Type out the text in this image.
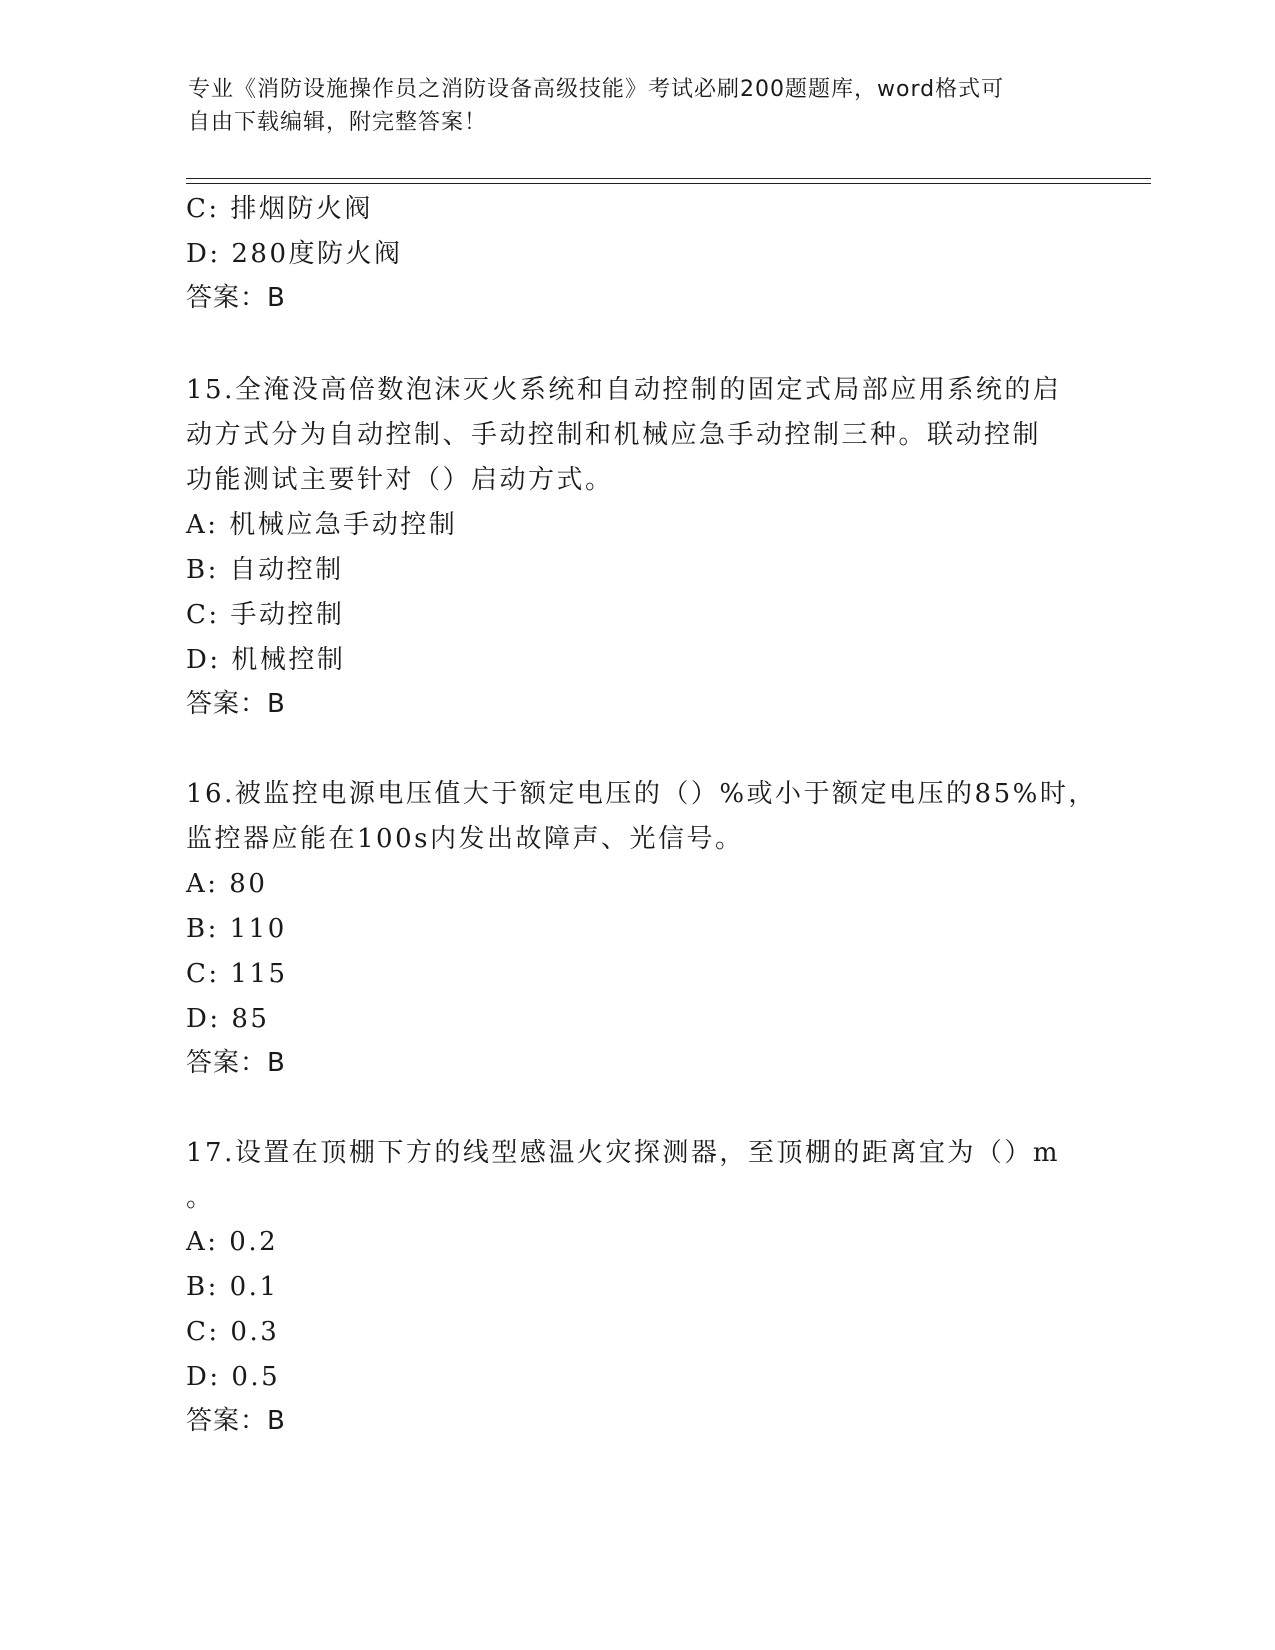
专业《消防设施操作员之消防设备高级技能》考试必刷200题题库，word格式可
自由下载编辑，附完整答案！
C: 排烟防火阀
D: 280度防火阀
答案：B
15.全淹没高倍数泡沫灭火系统和自动控制的固定式局部应用系统的启
动方式分为自动控制、手动控制和机械应急手动控制三种。联动控制
功能测试主要针对（）启动方式。
A: 机械应急手动控制
B: 自动控制
C: 手动控制
D: 机械控制
答案：B
16.被监控电源电压值大于额定电压的（）%或小于额定电压的85%时，
监控器应能在100s内发出故障声、光信号。
A: 80
B: 110
C: 115
D: 85
答案：B
17.设置在顶棚下方的线型感温火灾探测器，至顶棚的距离宜为（）m
。
A: 0.2
B: 0.1
C: 0.3
D: 0.5
答案：B
